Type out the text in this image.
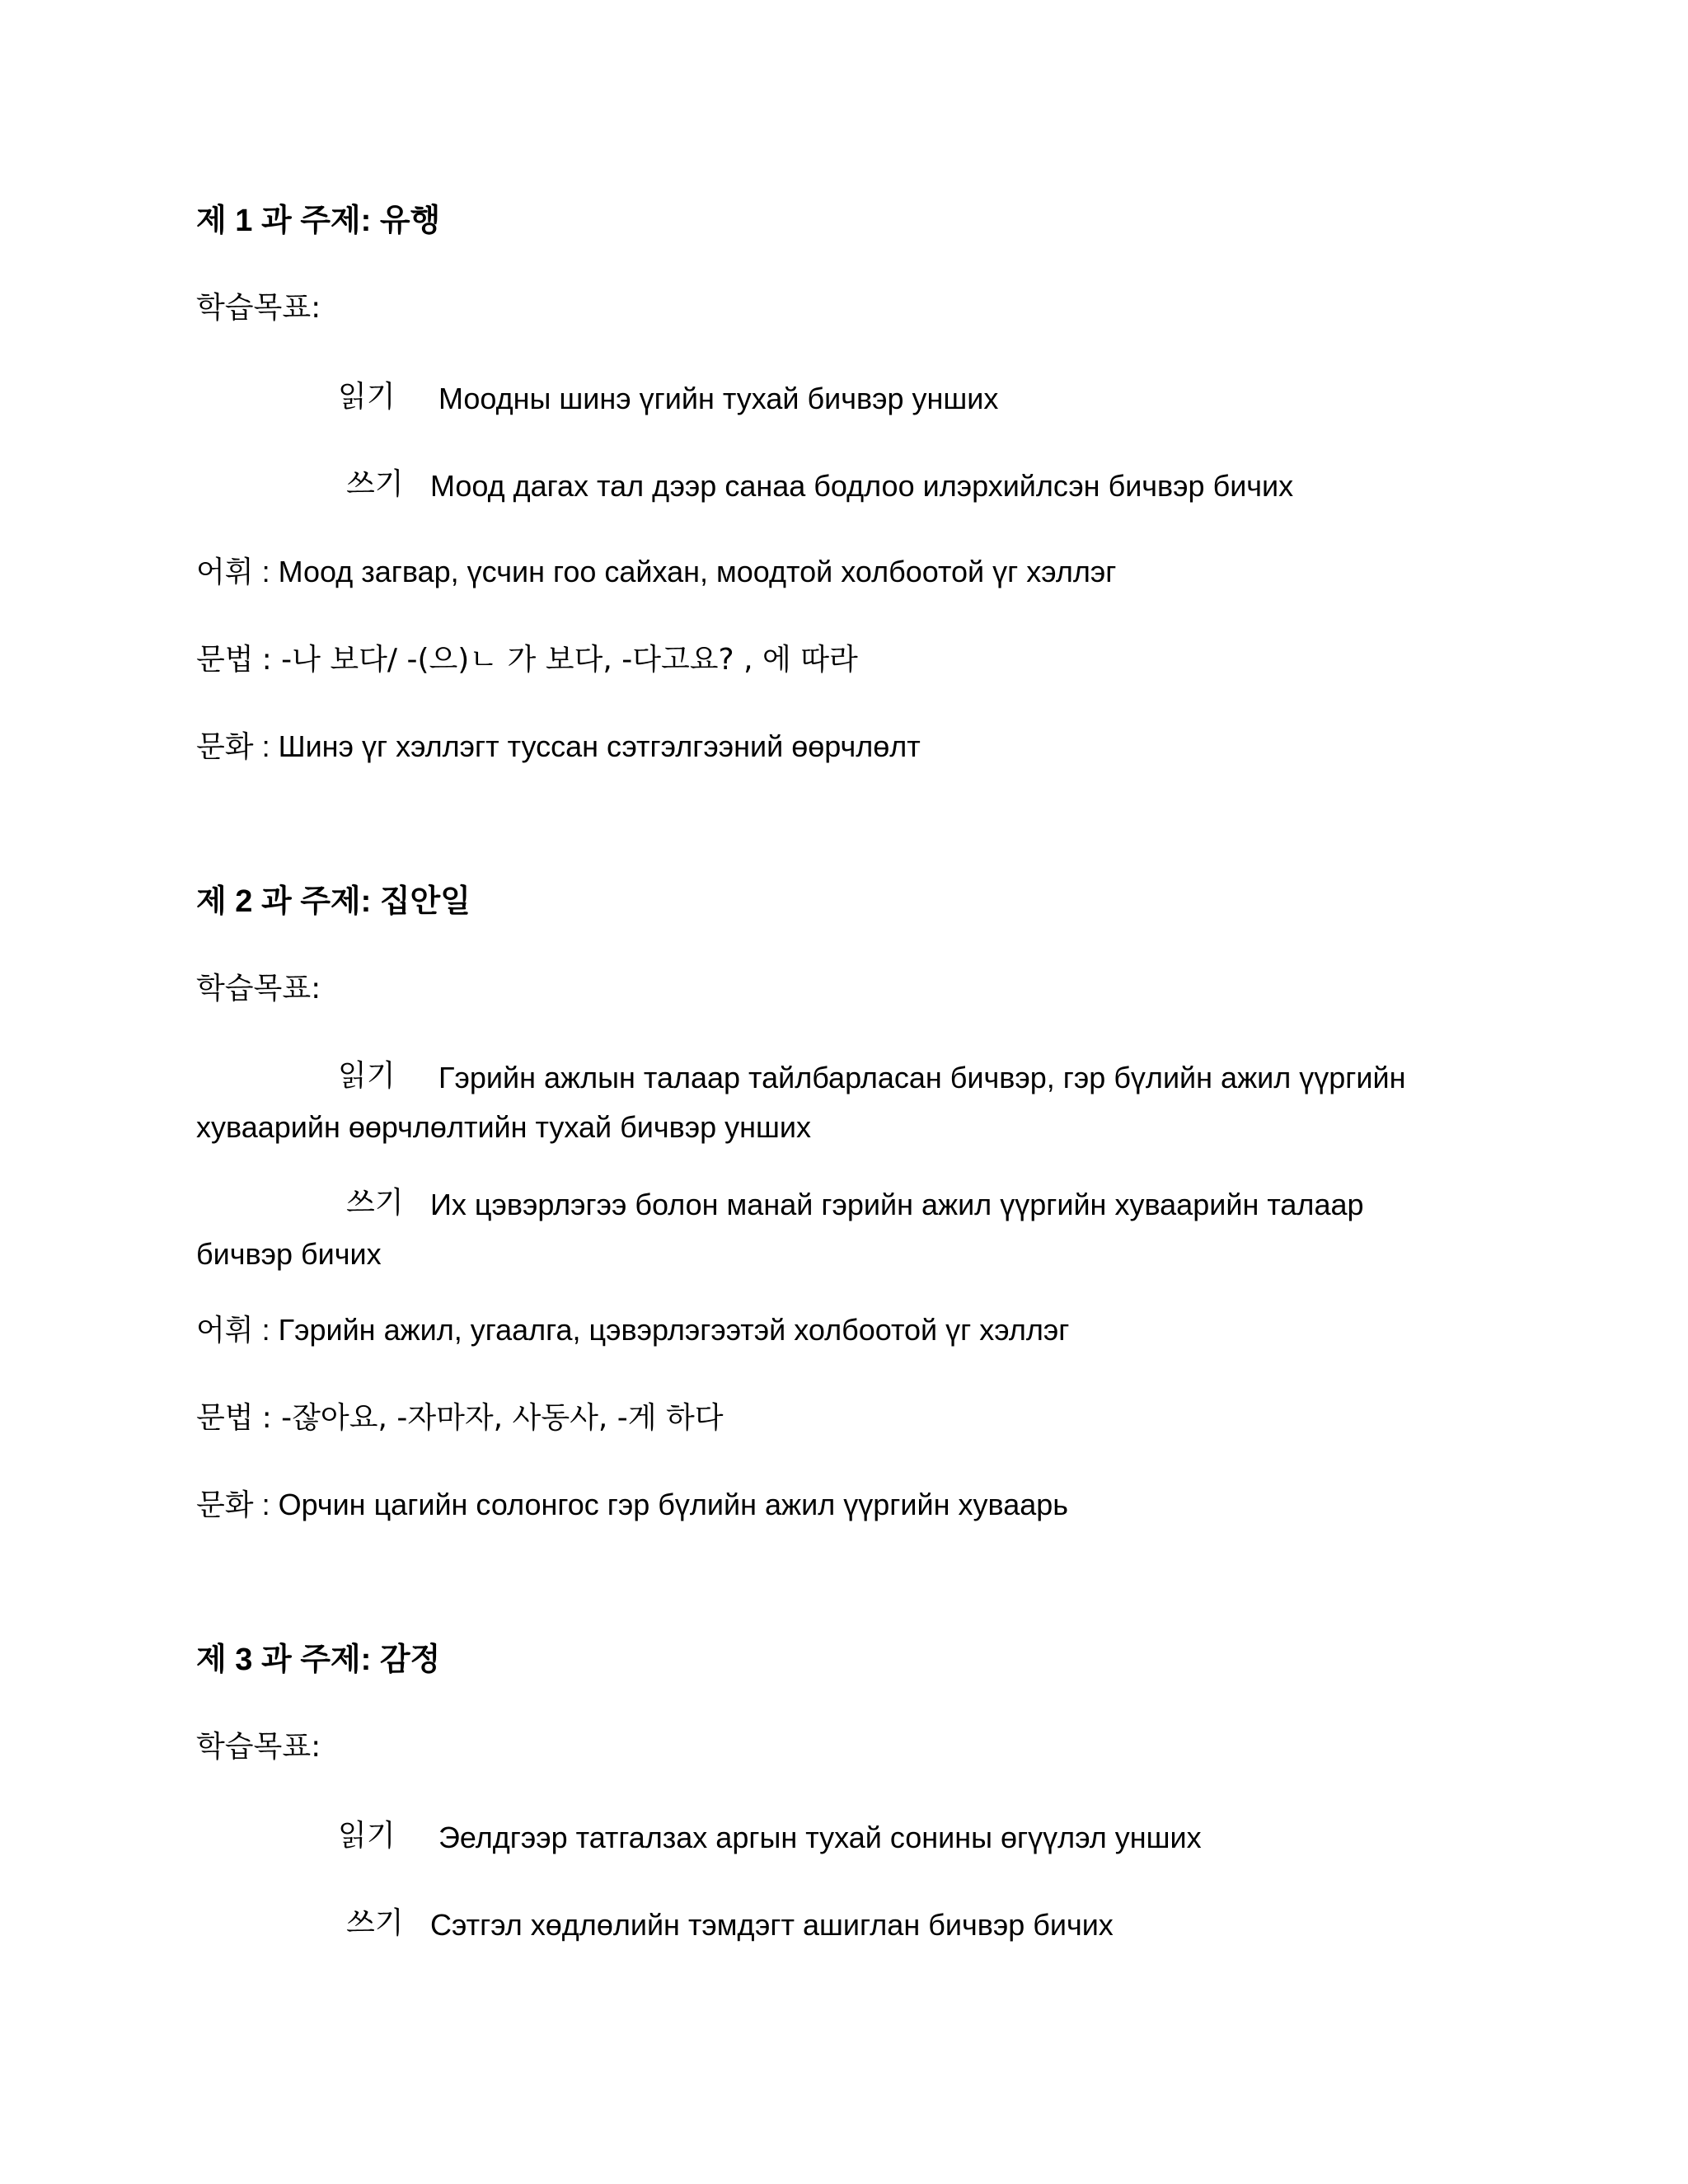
제 1 과 주제: 유행
학습목표:
읽기 Моодны шинэ үгийн тухай бичвэр унших
쓰기 Моод дагах тал дээр санаа бодлоо илэрхийлсэн бичвэр бичих
어휘 : Моод загвар, үсчин гоо сайхан, моодтой холбоотой үг хэллэг
문법 : -나 보다/ -(으)ㄴ 가 보다, -다고요? , 에 따라
문화 : Шинэ үг хэллэгт туссан сэтгэлгээний өөрчлөлт
제 2 과 주제: 집안일
학습목표:
읽기 Гэрийн ажлын талаар тайлбарласан бичвэр, гэр бүлийн ажил үүргийн
хуваарийн өөрчлөлтийн тухай бичвэр унших
쓰기 Их цэвэрлэгээ болон манай гэрийн ажил үүргийн хуваарийн талаар
бичвэр бичих
어휘 : Гэрийн ажил, угаалга, цэвэрлэгээтэй холбоотой үг хэллэг
문법 : -잖아요, -자마자, 사동사, -게 하다
문화 : Орчин цагийн солонгос гэр бүлийн ажил үүргийн хуваарь
제 3 과 주제: 감정
학습목표:
읽기 Эелдгээр татгалзах аргын тухай сонины өгүүлэл унших
쓰기 Сэтгэл хөдлөлийн тэмдэгт ашиглан бичвэр бичих
